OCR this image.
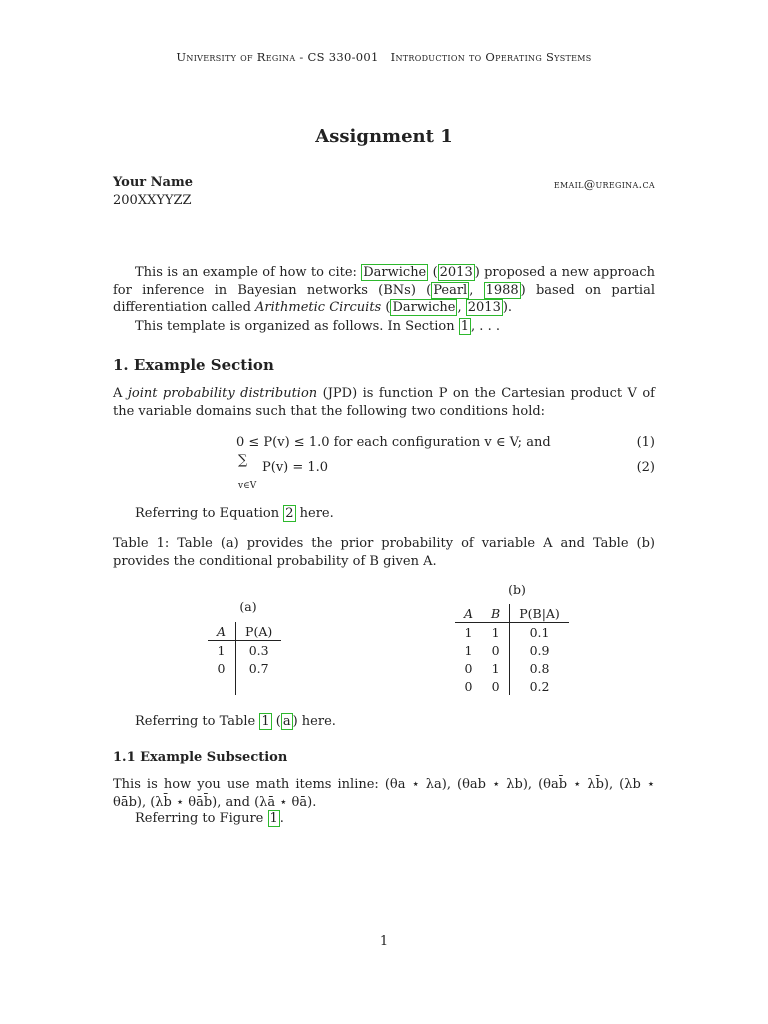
University of Regina - CS 330-001 Introduction to Operating Systems
Assignment 1
Your Name	email@uregina.ca
200XXYYZZ
This is an example of how to cite: Darwiche ( 2013 ) proposed a new approach for inference in Bayesian networks (BNs) ( Pearl , 1988 ) based on partial differentiation called Arithmetic Circuits ( Darwiche , 2013 ).
This template is organized as follows. In Section 1 , . . .
1. Example Section
A joint probability distribution (JPD) is function P on the Cartesian product V of the variable domains such that the following two conditions hold:
0 ≤ P(v) ≤ 1.0 for each configuration v ∈ V; and	(1)
∑
v∈V
P(v) = 1.0	(2)
Referring to Equation 2 here.
Table 1: Table (a) provides the prior probability of variable A and Table (b) provides the conditional probability of B given A.
(a)
A	P(A)
1	0.3
0	0.7

(b)
A	B	P(B|A)
1	1	0.1
1	0	0.9
0	1	0.8
0	0	0.2
Referring to Table 1 ( a ) here.
1.1 Example Subsection
This is how you use math items inline: (θa ⋆ λa), (θab ⋆ λb), (θab̄ ⋆ λb̄), (λb ⋆ θāb), (λb̄ ⋆ θāb̄), and (λā ⋆ θā).
Referring to Figure 1 .
1
